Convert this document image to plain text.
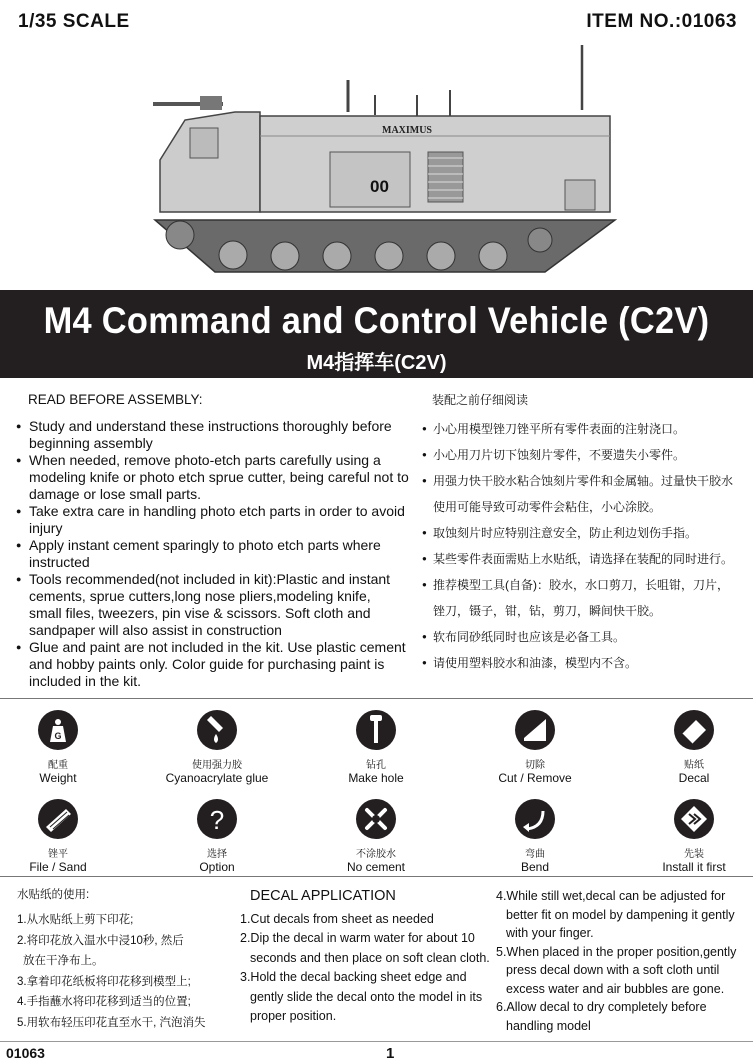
1/35 SCALE	ITEM NO.:01063
MAXIMUS
00
M4 Command and Control Vehicle (C2V)
M4指挥车(C2V)
READ BEFORE ASSEMBLY:
● Study and understand these instructions thoroughly before
beginning assembly
● When needed, remove photo-etch parts carefully using a
modeling knife or photo etch sprue cutter, being careful not to
damage or lose small parts.
● Take extra care in handling photo etch parts in order to avoid
injury
● Apply instant cement sparingly to photo etch parts where
instructed
● Tools recommended(not included in kit):Plastic and instant
cements, sprue cutters,long nose pliers,modeling knife,
small files, tweezers, pin vise & scissors. Soft cloth and
sandpaper will also assist in construction
● Glue and paint are not included in the kit. Use plastic cement
and hobby paints only. Color guide for purchasing paint is
included in the kit.
装配之前仔细阅读
● 小心用模型锉刀锉平所有零件表面的注射浇口。
● 小心用刀片切下蚀刻片零件，不要遗失小零件。
● 用强力快干胶水粘合蚀刻片零件和金属轴。过量快干胶水
使用可能导致可动零件会粘住，小心涂胶。
● 取蚀刻片时应特别注意安全，防止利边划伤手指。
● 某些零件表面需贴上水贴纸，请选择在装配的同时进行。
● 推荐模型工具(自备)：胶水，水口剪刀，长咀钳，刀片，
锉刀，镊子，钳，钻，剪刀，瞬间快干胶。
● 软布同砂纸同时也应该是必备工具。
● 请使用塑料胶水和油漆，模型内不含。
G
配重
Weight
使用强力胶
Cyanoacrylate glue
钻孔
Make hole
切除
Cut / Remove
贴纸
Decal
锉平
File / Sand
?
选择
Option
不涂胶水
No cement
弯曲
Bend
先装
Install it first
水贴纸的使用:
1.从水贴纸上剪下印花;
2.将印花放入温水中浸10秒, 然后
放在干净布上。
3.拿着印花纸板将印花移到模型上;
4.手指蘸水将印花移到适当的位置;
5.用软布轻压印花直至水干, 汽泡消失
DECAL APPLICATION
1.Cut decals from sheet as needed
2.Dip the decal in warm water for about 10
seconds and then place on soft clean cloth.
3.Hold the decal backing sheet edge and
gently slide the decal onto the model in its
proper position.
4.While still wet,decal can be adjusted for
better fit on model by dampening it gently
with your finger.
5.When placed in the proper position,gently
press decal down with a soft cloth until
excess water and air bubbles are gone.
6.Allow decal to dry completely before
handling model
01063	1
